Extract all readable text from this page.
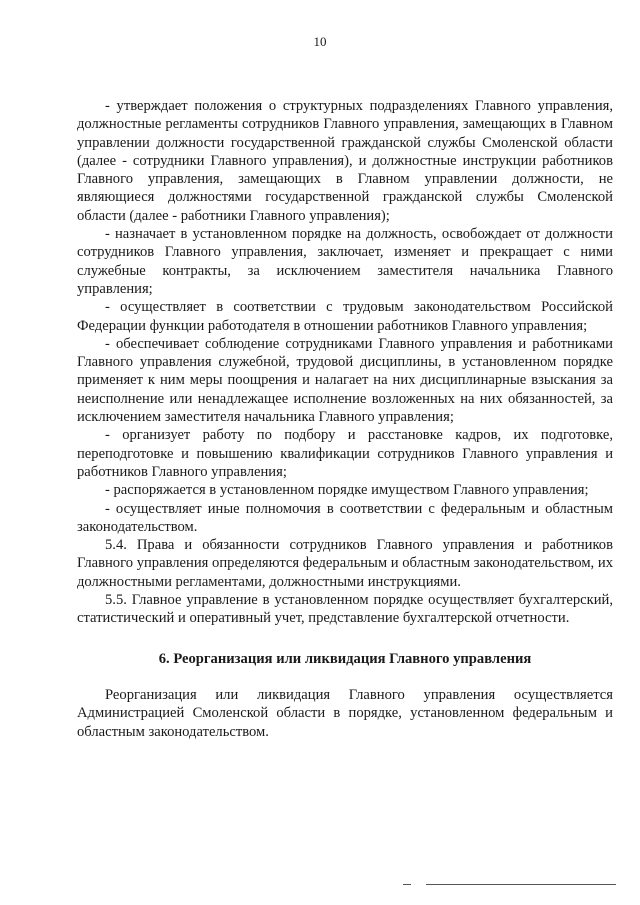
10

- утверждает положения о структурных подразделениях Главного управления, должностные регламенты сотрудников Главного управления, замещающих в Главном управлении должности государственной гражданской службы Смоленской области (далее - сотрудники Главного управления), и должностные инструкции работников Главного управления, замещающих в Главном управлении должности, не являющиеся должностями государственной гражданской службы Смоленской области (далее - работники Главного управления);

- назначает в установленном порядке на должность, освобождает от должности сотрудников Главного управления, заключает, изменяет и прекращает с ними служебные контракты, за исключением заместителя начальника Главного управления;

- осуществляет в соответствии с трудовым законодательством Российской Федерации функции работодателя в отношении работников Главного управления;

- обеспечивает соблюдение сотрудниками Главного управления и работниками Главного управления служебной, трудовой дисциплины, в установленном порядке применяет к ним меры поощрения и налагает на них дисциплинарные взыскания за неисполнение или ненадлежащее исполнение возложенных на них обязанностей, за исключением заместителя начальника Главного управления;

- организует работу по подбору и расстановке кадров, их подготовке, переподготовке и повышению квалификации сотрудников Главного управления и работников Главного управления;

- распоряжается в установленном порядке имуществом Главного управления;

- осуществляет иные полномочия в соответствии с федеральным и областным законодательством.

5.4. Права и обязанности сотрудников Главного управления и работников Главного управления определяются федеральным и областным законодательством, их должностными регламентами, должностными инструкциями.

5.5. Главное управление в установленном порядке осуществляет бухгалтерский, статистический и оперативный учет, представление бухгалтерской отчетности.

6. Реорганизация или ликвидация Главного управления

Реорганизация или ликвидация Главного управления осуществляется Администрацией Смоленской области в порядке, установленном федеральным и областным законодательством.
